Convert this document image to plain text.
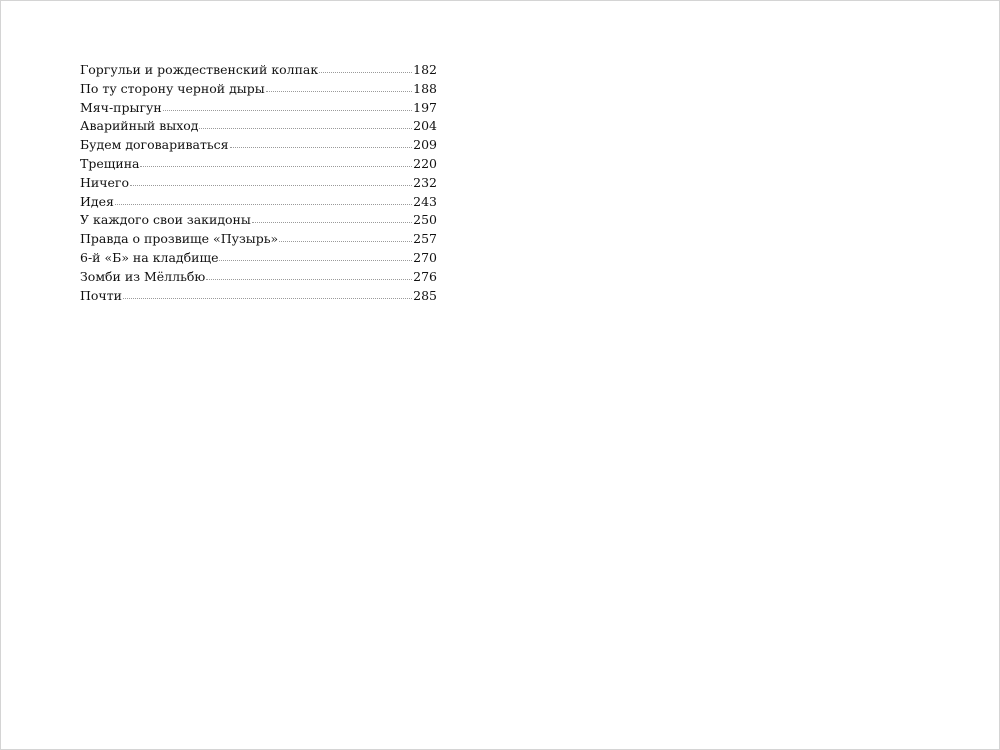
Горгульи и рождественский колпак	182
По ту сторону черной дыры	188
Мяч-прыгун	197
Аварийный выход	204
Будем договариваться	209
Трещина	220
Ничего	232
Идея	243
У каждого свои закидоны	250
Правда о прозвище «Пузырь»	257
6-й «Б» на кладбище	270
Зомби из Мёлльбю	276
Почти	285
